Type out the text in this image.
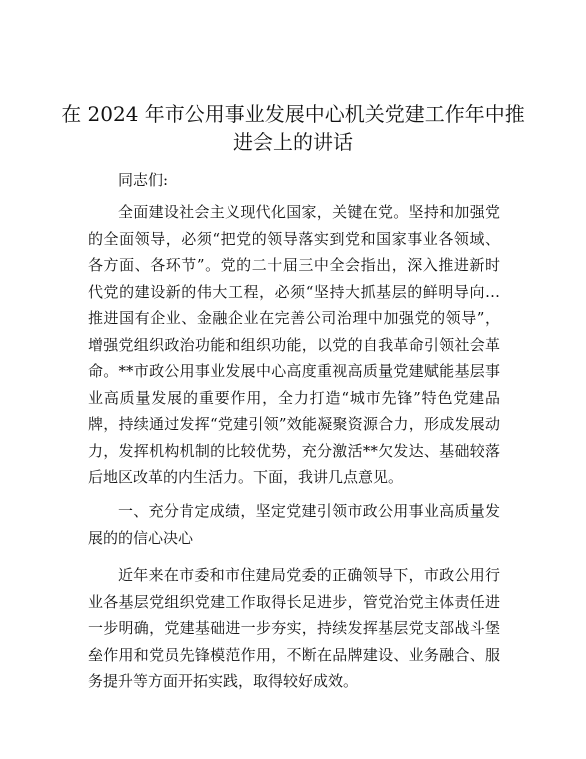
在 2024 年市公用事业发展中心机关党建工作年中推进会上的讲话

同志们:

全面建设社会主义现代化国家，关键在党。坚持和加强党的全面领导，必须“把党的领导落实到党和国家事业各领域、各方面、各环节”。党的二十届三中全会指出，深入推进新时代党的建设新的伟大工程，必须“坚持大抓基层的鲜明导向…推进国有企业、金融企业在完善公司治理中加强党的领导”，增强党组织政治功能和组织功能，以党的自我革命引领社会革命。**市政公用事业发展中心高度重视高质量党建赋能基层事业高质量发展的重要作用，全力打造“城市先锋”特色党建品牌，持续通过发挥“党建引领”效能凝聚资源合力，形成发展动力，发挥机构机制的比较优势，充分激活**欠发达、基础较落后地区改革的内生活力。下面，我讲几点意见。

一、充分肯定成绩，坚定党建引领市政公用事业高质量发展的的信心决心

近年来在市委和市住建局党委的正确领导下，市政公用行业各基层党组织党建工作取得长足进步，管党治党主体责任进一步明确，党建基础进一步夯实，持续发挥基层党支部战斗堡垒作用和党员先锋模范作用，不断在品牌建设、业务融合、服务提升等方面开拓实践，取得较好成效。
